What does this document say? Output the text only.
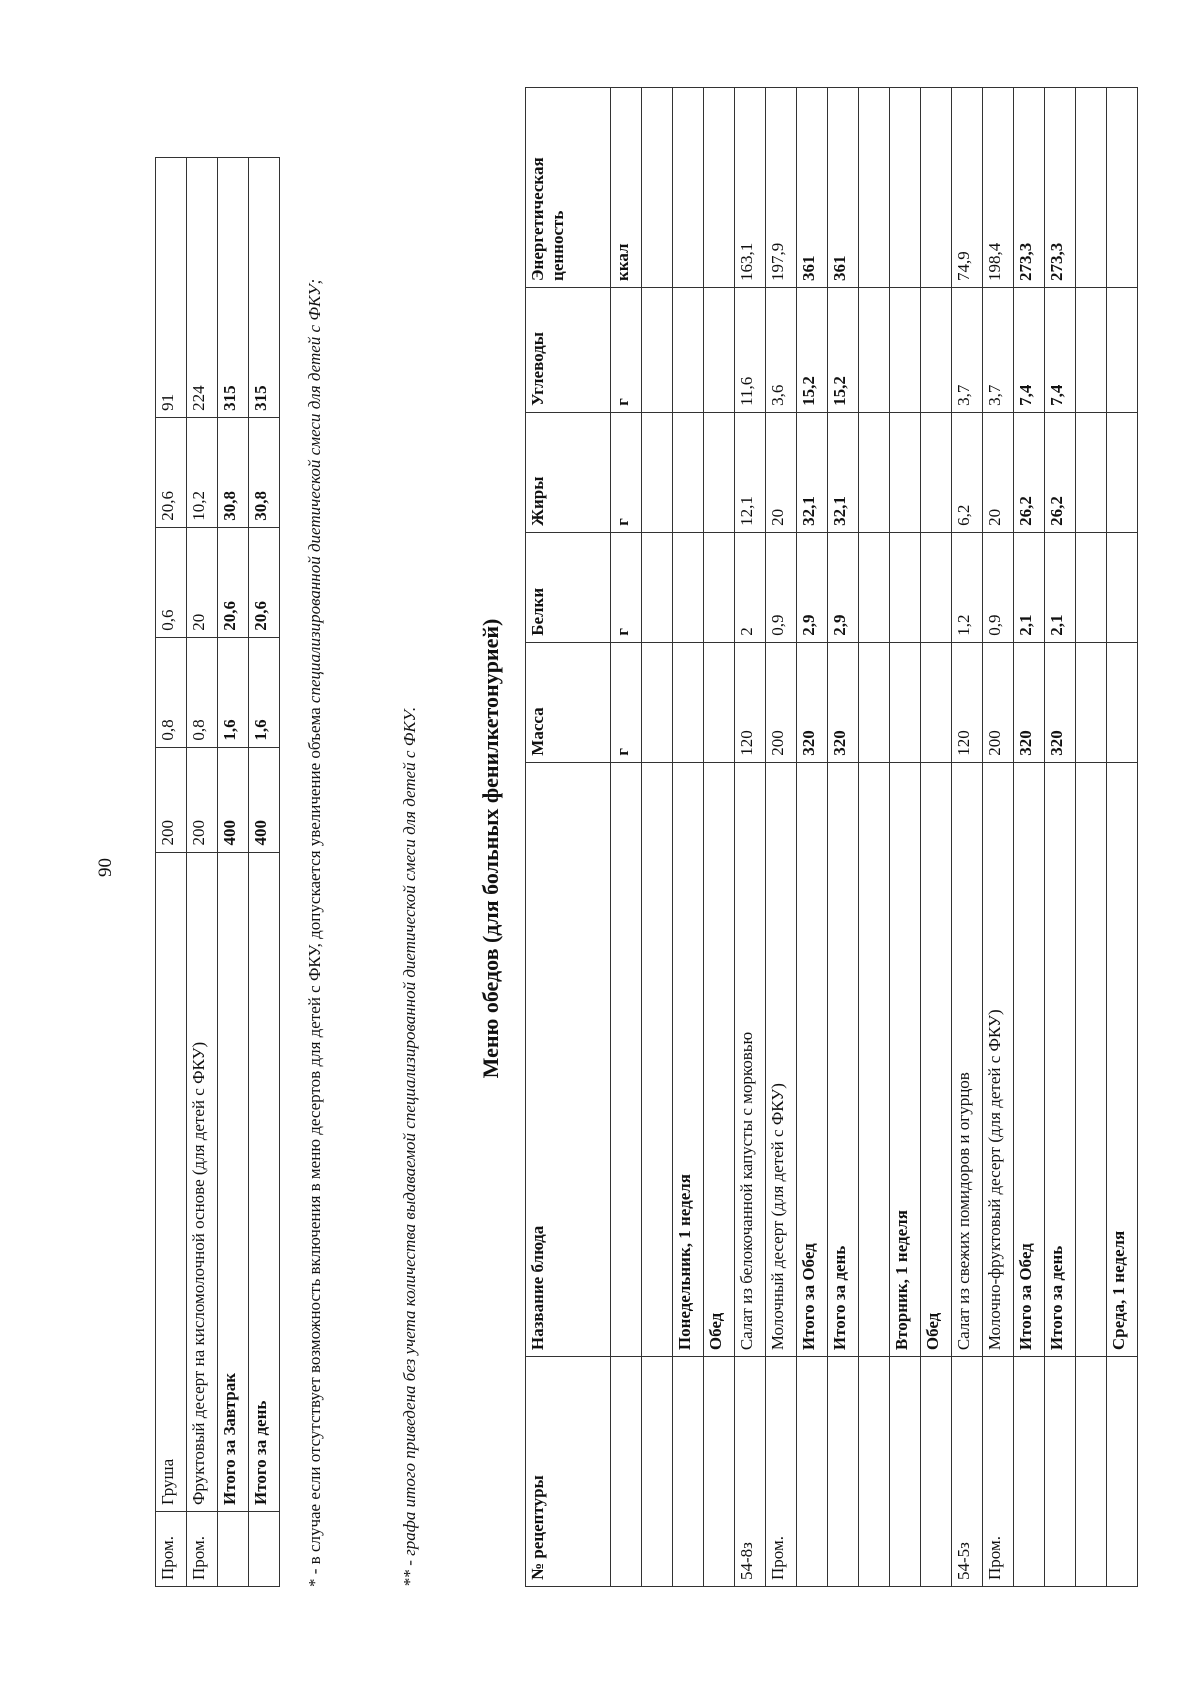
90
Пром.	Груша	200	0,8	0,6	20,6	91
Пром.	Фруктовый десерт на кисломолочной основе (для детей с ФКУ)	200	0,8	20	10,2	224
	Итого за Завтрак	400	1,6	20,6	30,8	315
	Итого за день	400	1,6	20,6	30,8	315
* - в случае если отсутствует возможность включения в меню десертов для детей с ФКУ, допускается увеличение объема специализированной диетической смеси для детей с ФКУ;
** - графа итого приведена без учета количества выдаваемой специализированной диетической смеси для детей с ФКУ.	Меню обедов (для больных фенилкетонурией)
№ рецептуры	Название блюда	Масса	Белки	Жиры	Углеводы	Энергетическая ценность
		г	г	г	г	ккал

	Понедельник, 1 неделя					
	Обед					
54-8з	Салат из белокочанной капусты с морковью	120	2	12,1	11,6	163,1
Пром.	Молочный десерт (для детей с ФКУ)	200	0,9	20	3,6	197,9
	Итого за Обед	320	2,9	32,1	15,2	361
	Итого за день	320	2,9	32,1	15,2	361

	Вторник, 1 неделя					
	Обед					
54-5з	Салат из свежих помидоров и огурцов	120	1,2	6,2	3,7	74,9
Пром.	Молочно-фруктовый десерт (для детей с ФКУ)	200	0,9	20	3,7	198,4
	Итого за Обед	320	2,1	26,2	7,4	273,3
	Итого за день	320	2,1	26,2	7,4	273,3

	Среда, 1 неделя					
